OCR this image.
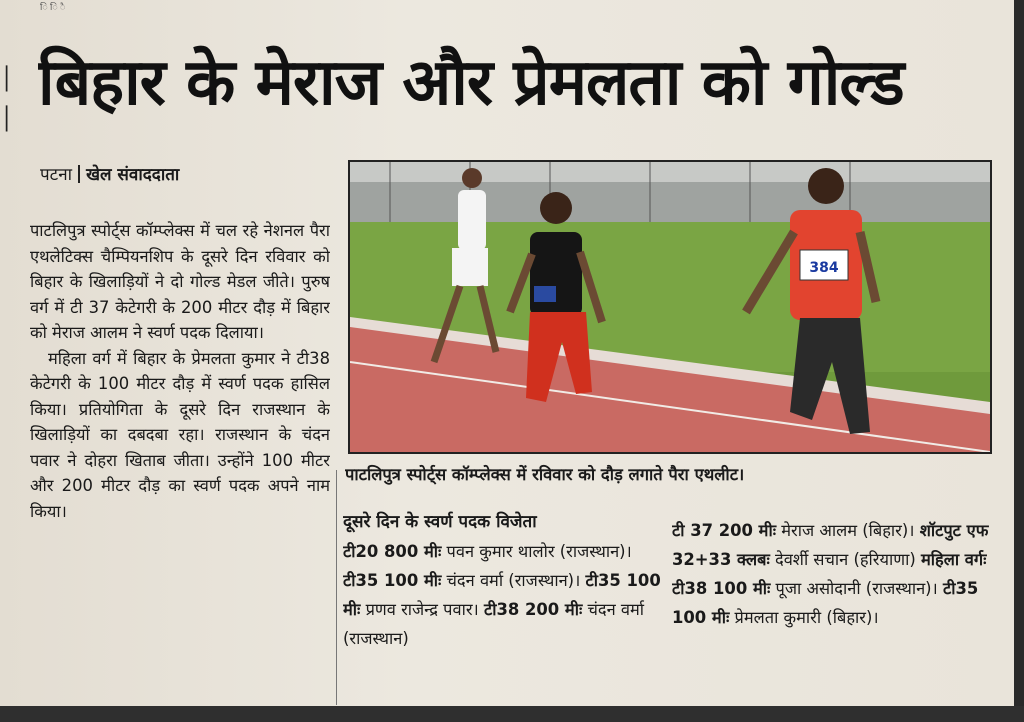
ि ि ै
│
│ बिहार के मेराज और प्रेमलता को गोल्ड
पटना खेल संवाददाता

पाटलिपुत्र स्पोर्ट्स कॉम्प्लेक्स में चल रहे नेशनल पैरा एथलेटिक्स चैम्पियनशिप के दूसरे दिन रविवार को बिहार के खिलाड़ियों ने दो गोल्ड मेडल जीते। पुरुष वर्ग में टी 37 केटेगरी के 200 मीटर दौड़ में बिहार को मेराज आलम ने स्वर्ण पदक दिलाया।

महिला वर्ग में बिहार के प्रेमलता कुमार ने टी38 केटेगरी के 100 मीटर दौड़ में स्वर्ण पदक हासिल किया। प्रतियोगिता के दूसरे दिन राजस्थान के खिलाड़ियों का दबदबा रहा। राजस्थान के चंदन पवार ने दोहरा खिताब जीता। उन्होंने 100 मीटर और 200 मीटर दौड़ का स्वर्ण पदक अपने नाम किया।

384
पाटलिपुत्र स्पोर्ट्स कॉम्प्लेक्स में रविवार को दौड़ लगाते पैरा एथलीट।
दूसरे दिन के स्वर्ण पदक विजेता
टी20 800 मीः पवन कुमार थालोर (राजस्थान)। टी35 100 मीः चंदन वर्मा (राजस्थान)। टी35 100 मीः प्रणव राजेन्द्र पवार। टी38 200 मीः चंदन वर्मा (राजस्थान)
टी 37 200 मीः मेराज आलम (बिहार)। शॉटपुट एफ 32+33 क्लबः देवर्शी सचान (हरियाणा) महिला वर्गः टी38 100 मीः पूजा असोदानी (राजस्थान)। टी35 100 मीः प्रेमलता कुमारी (बिहार)।
